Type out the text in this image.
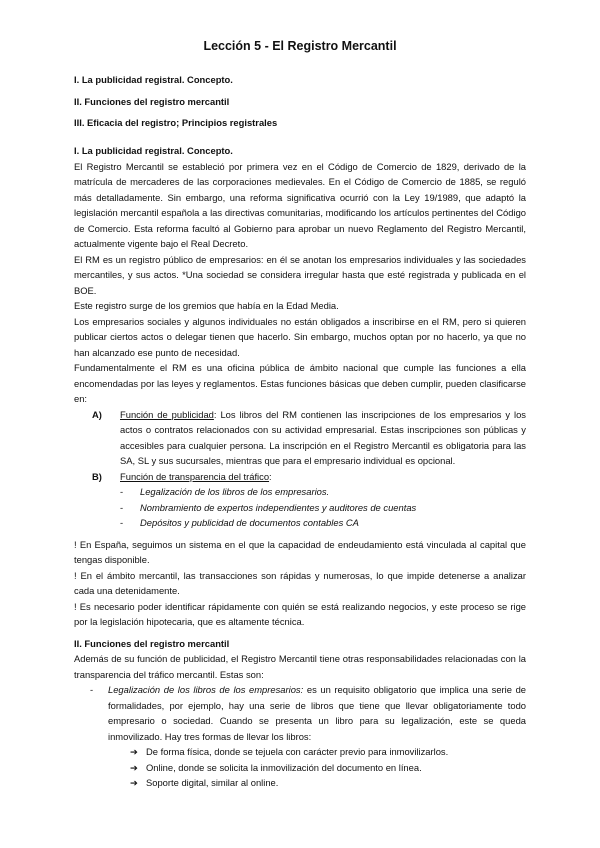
Lección 5 - El Registro Mercantil

I. La publicidad registral. Concepto.

II. Funciones del registro mercantil

III. Eficacia del registro; Principios registrales

I. La publicidad registral. Concepto.

El Registro Mercantil se estableció por primera vez en el Código de Comercio de 1829, derivado de la matrícula de mercaderes de las corporaciones medievales. En el Código de Comercio de 1885, se reguló más detalladamente. Sin embargo, una reforma significativa ocurrió con la Ley 19/1989, que adaptó la legislación mercantil española a las directivas comunitarias, modificando los artículos pertinentes del Código de Comercio. Esta reforma facultó al Gobierno para aprobar un nuevo Reglamento del Registro Mercantil, actualmente vigente bajo el Real Decreto.

El RM es un registro público de empresarios: en él se anotan los empresarios individuales y las sociedades mercantiles, y sus actos. *Una sociedad se considera irregular hasta que esté registrada y publicada en el BOE.

Este registro surge de los gremios que había en la Edad Media.

Los empresarios sociales y algunos individuales no están obligados a inscribirse en el RM, pero si quieren publicar ciertos actos o delegar tienen que hacerlo. Sin embargo, muchos optan por no hacerlo, ya que no han alcanzado ese punto de necesidad.

Fundamentalmente el RM es una oficina pública de ámbito nacional que cumple las funciones a ella encomendadas por las leyes y reglamentos. Estas funciones básicas que deben cumplir, pueden clasificarse en:

A)	Función de publicidad: Los libros del RM contienen las inscripciones de los empresarios y los actos o contratos relacionados con su actividad empresarial. Estas inscripciones son públicas y accesibles para cualquier persona. La inscripción en el Registro Mercantil es obligatoria para las SA, SL y sus sucursales, mientras que para el empresario individual es opcional.
B)	Función de transparencia del tráfico:
-	Legalización de los libros de los empresarios.
-	Nombramiento de expertos independientes y auditores de cuentas
-	Depósitos y publicidad de documentos contables CA

! En España, seguimos un sistema en el que la capacidad de endeudamiento está vinculada al capital que tengas disponible.

! En el ámbito mercantil, las transacciones son rápidas y numerosas, lo que impide detenerse a analizar cada una detenidamente.

! Es necesario poder identificar rápidamente con quién se está realizando negocios, y este proceso se rige por la legislación hipotecaria, que es altamente técnica.

II. Funciones del registro mercantil

Además de su función de publicidad, el Registro Mercantil tiene otras responsabilidades relacionadas con la transparencia del tráfico mercantil. Estas son:

-	Legalización de los libros de los empresarios: es un requisito obligatorio que implica una serie de formalidades, por ejemplo, hay una serie de libros que tiene que llevar obligatoriamente todo empresario o sociedad. Cuando se presenta un libro para su legalización, este se queda inmovilizado. Hay tres formas de llevar los libros:
➔ De forma física, donde se tejuela con carácter previo para inmovilizarlos.
➔ Online, donde se solicita la inmovilización del documento en línea.
➔ Soporte digital, similar al online.
